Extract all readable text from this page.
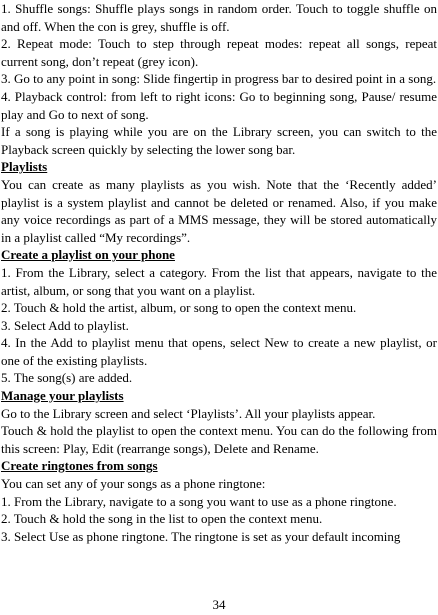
1. Shuffle songs: Shuffle plays songs in random order. Touch to toggle shuffle on and off. When the con is grey, shuffle is off.

2. Repeat mode: Touch to step through repeat modes: repeat all songs, repeat current song, don’t repeat (grey icon).

3. Go to any point in song: Slide fingertip in progress bar to desired point in a song.

4. Playback control: from left to right icons: Go to beginning song, Pause/ resume play and Go to next of song.

If a song is playing while you are on the Library screen, you can switch to the Playback screen quickly by selecting the lower song bar.

Playlists

You can create as many playlists as you wish. Note that the ‘Recently added’ playlist is a system playlist and cannot be deleted or renamed. Also, if you make any voice recordings as part of a MMS message, they will be stored automatically in a playlist called “My recordings”.

Create a playlist on your phone

1. From the Library, select a category. From the list that appears, navigate to the artist, album, or song that you want on a playlist.

2. Touch & hold the artist, album, or song to open the context menu.

3. Select Add to playlist.

4. In the Add to playlist menu that opens, select New to create a new playlist, or one of the existing playlists.

5. The song(s) are added.

Manage your playlists

Go to the Library screen and select ‘Playlists’. All your playlists appear.

Touch & hold the playlist to open the context menu. You can do the following from this screen: Play, Edit (rearrange songs), Delete and Rename.

Create ringtones from songs

You can set any of your songs as a phone ringtone:

1. From the Library, navigate to a song you want to use as a phone ringtone.

2. Touch & hold the song in the list to open the context menu.

3. Select Use as phone ringtone. The ringtone is set as your default incoming

34
